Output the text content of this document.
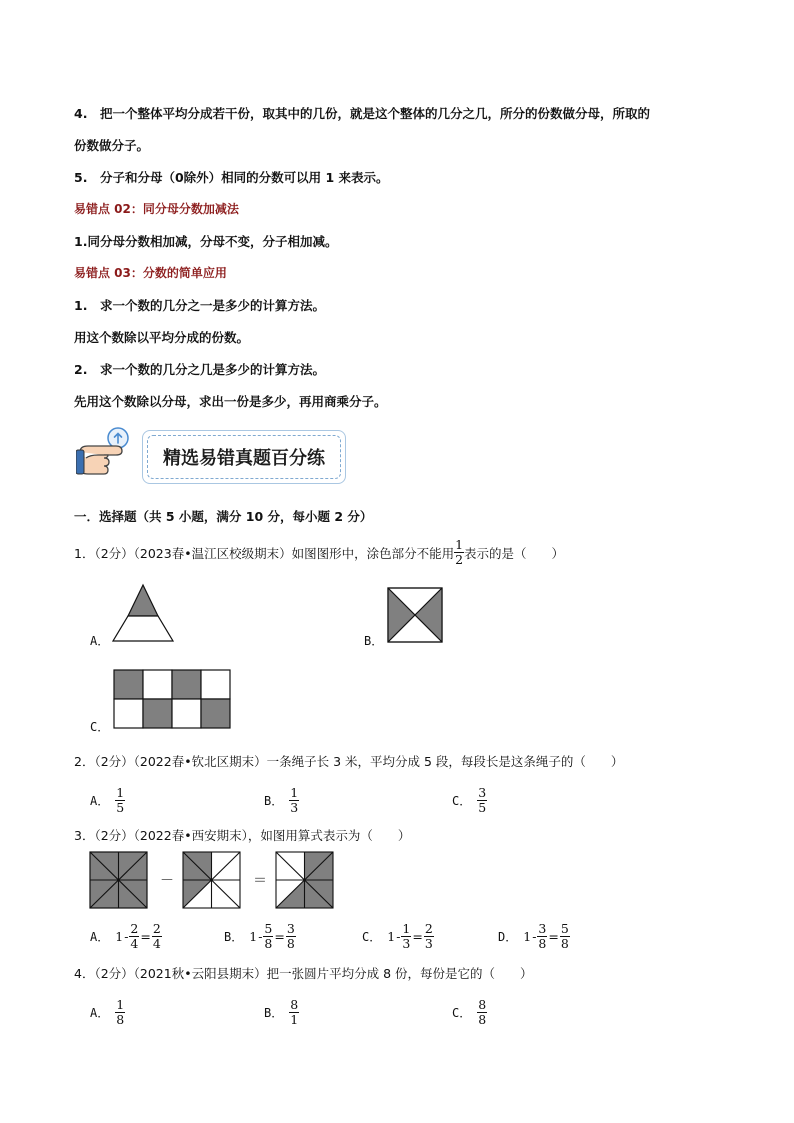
4.　把一个整体平均分成若干份，取其中的几份，就是这个整体的几分之几，所分的份数做分母，所取的
份数做分子。
5.　分子和分母（0除外）相同的分数可以用 1 来表示。
易错点 02：同分母分数加减法
1.同分母分数相加减，分母不变，分子相加减。
易错点 03：分数的简单应用
1.　求一个数的几分之一是多少的计算方法。
用这个数除以平均分成的份数。
2.　求一个数的几分之几是多少的计算方法。
先用这个数除以分母，求出一份是多少，再用商乘分子。
精选易错真题百分练
一．选择题（共 5 小题，满分 10 分，每小题 2 分）
1．（2分）（2023春•温江区校级期末）如图图形中，涂色部分不能用 $\frac{1}{2}$ 表示的是（　　）
A．	B．
C．
2．（2分）（2022春•钦北区期末）一条绳子长 3 米，平均分成 5 段，每段长是这条绳子的（　　）
A． $\frac{1}{5}$	B． $\frac{1}{3}$	C． $\frac{3}{5}$
3．（2分）（2022春•西安期末），如图用算式表示为（　　）
－	＝
A． $1 - \frac{2}{4} = \frac{2}{4}$	B． $1 - \frac{5}{8} = \frac{3}{8}$	C． $1 - \frac{1}{3} = \frac{2}{3}$	D． $1 - \frac{3}{8} = \frac{5}{8}$
4．（2分）（2021秋•云阳县期末）把一张圆片平均分成 8 份，每份是它的（　　）
A． $\frac{1}{8}$	B． $\frac{8}{1}$	C． $\frac{8}{8}$
